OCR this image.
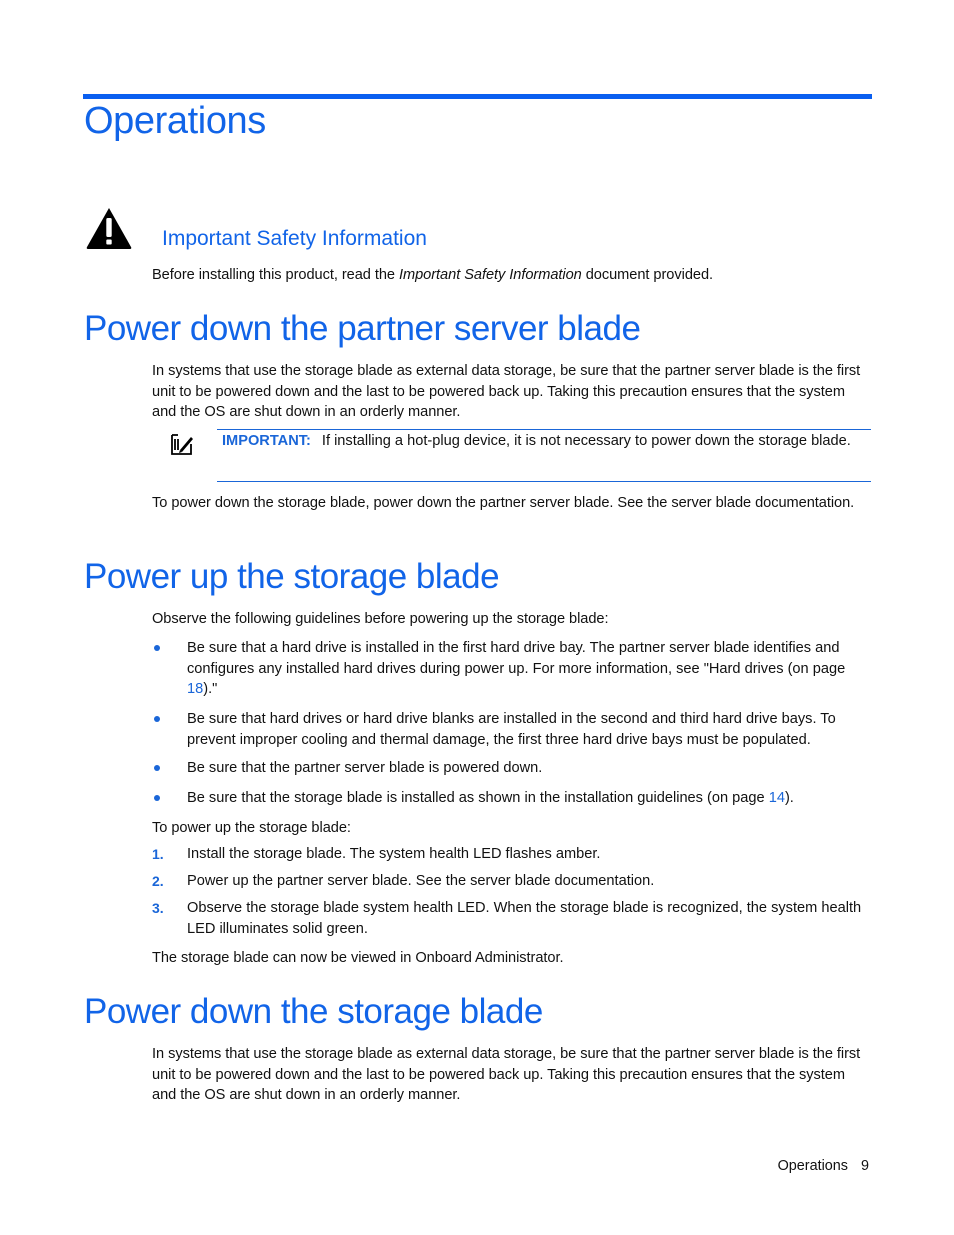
Operations
Important Safety Information

Before installing this product, read the Important Safety Information document provided.

Power down the partner server blade

In systems that use the storage blade as external data storage, be sure that the partner server blade is the first unit to be powered down and the last to be powered back up. Taking this precaution ensures that the system and the OS are shut down in an orderly manner.

IMPORTANT: If installing a hot-plug device, it is not necessary to power down the storage blade.

To power down the storage blade, power down the partner server blade. See the server blade documentation.

Power up the storage blade

Observe the following guidelines before powering up the storage blade:

Be sure that a hard drive is installed in the first hard drive bay. The partner server blade identifies and configures any installed hard drives during power up. For more information, see "Hard drives (on page 18)."
Be sure that hard drives or hard drive blanks are installed in the second and third hard drive bays. To prevent improper cooling and thermal damage, the first three hard drive bays must be populated.
Be sure that the partner server blade is powered down.
Be sure that the storage blade is installed as shown in the installation guidelines (on page 14).

To power up the storage blade:

1. Install the storage blade. The system health LED flashes amber.
2. Power up the partner server blade. See the server blade documentation.
3. Observe the storage blade system health LED. When the storage blade is recognized, the system health LED illuminates solid green.

The storage blade can now be viewed in Onboard Administrator.

Power down the storage blade

In systems that use the storage blade as external data storage, be sure that the partner server blade is the first unit to be powered down and the last to be powered back up. Taking this precaution ensures that the system and the OS are shut down in an orderly manner.

Operations 9
